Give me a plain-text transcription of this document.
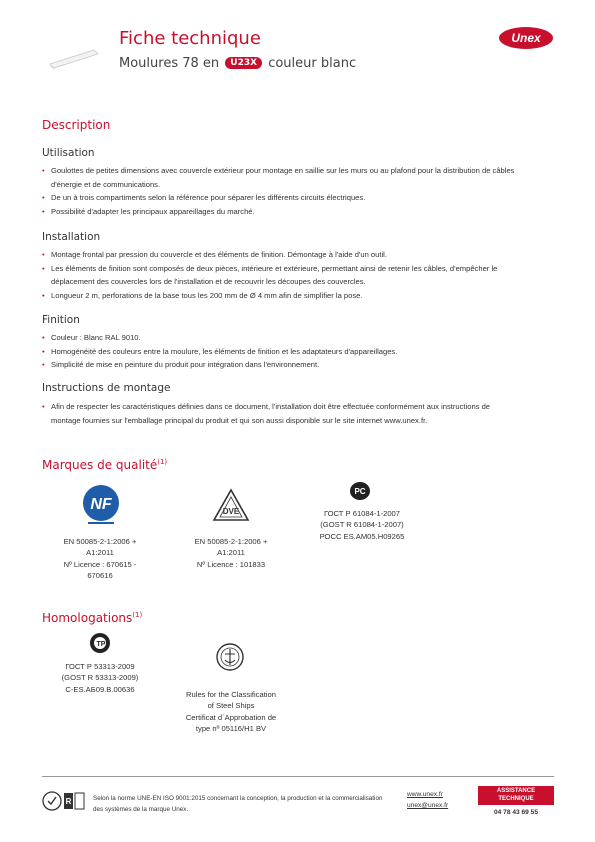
Fiche technique
Moulures 78 en U23X couleur blanc
Unex
Description
Utilisation
• Goulottes de petites dimensions avec couvercle extérieur pour montage en saillie sur les murs ou au plafond pour la distribution de câbles d'énergie et de communications.
• De un à trois compartiments selon la référence pour séparer les différents circuits électriques.
• Possibilité d'adapter les principaux appareillages du marché.
Installation
• Montage frontal par pression du couvercle et des éléments de finition. Démontage à l'aide d'un outil.
• Les éléments de finition sont composés de deux pièces, intérieure et extérieure, permettant ainsi de retenir les câbles, d'empêcher le déplacement des couvercles lors de l'installation et de recouvrir les découpes des couvercles.
• Longueur 2 m, perforations de la base tous les 200 mm de Ø 4 mm afin de simplifier la pose.
Finition
• Couleur : Blanc RAL 9010.
• Homogénéité des couleurs entre la moulure, les éléments de finition et les adaptateurs d'appareillages.
• Simplicité de mise en peinture du produit pour intégration dans l'environnement.
Instructions de montage
• Afin de respecter les caractéristiques définies dans ce document, l'installation doit être effectuée conformément aux instructions de montage fournies sur l'emballage principal du produit et qui son aussi disponible sur le site internet www.unex.fr.
Marques de qualité$^{(1)}$
NF
EN 50085-2-1:2006 +
A1:2011
Nº Licence : 670615 -
670616
DVE
EN 50085-2-1:2006 +
A1:2011
Nº Licence : 101833
PC
ГОСТ Р 61084-1-2007
(GOST R 61084-1-2007)
РОСС ES.AM05.H09265
Homologations$^{(1)}$
TP
ГОСТ Р 53313-2009
(GOST R 53313-2009)
C-ES.AБ09.B.00636
Rules for the Classification
of Steel Ships
Certificat d´Approbation de
type nº 05116/H1 BV
R	Selon la norme UNE-EN ISO 9001:2015 concernant la conception, la production et la commercialisation des systèmes de la marque Unex.
www.unex.fr
unex@unex.fr
ASSISTANCE TECHNIQUE
04 78 43 69 55
